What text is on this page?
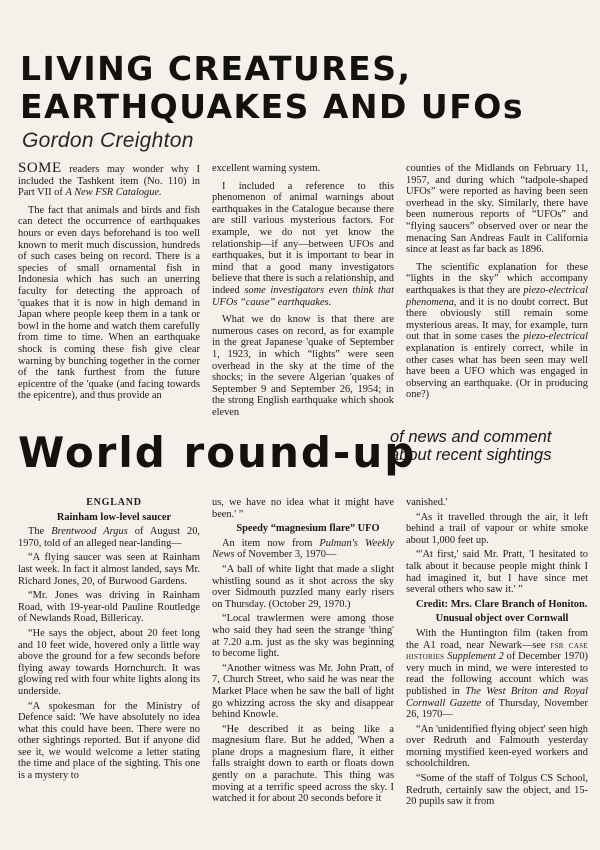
LIVING CREATURES,
EARTHQUAKES AND UFOs

Gordon Creighton

SOME readers may wonder why I included the Tashkent item (No. 110) in Part VII of A New FSR Catalogue.

The fact that animals and birds and fish can detect the occurrence of earthquakes hours or even days beforehand is too well known to merit much discussion, hundreds of such cases being on record. There is a species of small ornamental fish in Indonesia which has such an unerring faculty for detecting the approach of 'quakes that it is now in high demand in Japan where people keep them in a tank or bowl in the home and watch them carefully from time to time. When an earthquake shock is coming these fish give clear warning by bunching together in the corner of the tank furthest from the future epicentre of the 'quake (and facing towards the epicentre), and thus provide an

excellent warning system.

I included a reference to this phenomenon of animal warnings about earthquakes in the Catalogue because there are still various mysterious factors. For example, we do not yet know the relationship—if any—between UFOs and earthquakes, but it is important to bear in mind that a good many investigators believe that there is such a relationship, and indeed some investigators even think that UFOs “cause” earthquakes.

What we do know is that there are numerous cases on record, as for example in the great Japanese 'quake of September 1, 1923, in which “lights” were seen overhead in the sky at the time of the shocks; in the severe Algerian 'quakes of September 9 and September 26, 1954; in the strong English earthquake which shook eleven

counties of the Midlands on February 11, 1957, and during which “tadpole-shaped UFOs” were reported as having been seen overhead in the sky. Similarly, there have been numerous reports of “UFOs” and “flying saucers” observed over or near the menacing San Andreas Fault in California since at least as far back as 1896.

The scientific explanation for these “lights in the sky” which accompany earthquakes is that they are piezo-electrical phenomena, and it is no doubt correct. But there obviously still remain some mysterious areas. It may, for example, turn out that in some cases the piezo-electrical explanation is entirely correct, while in other cases what has been seen may well have been a UFO which was engaged in observing an earthquake. (Or in producing one?)

World round-up

of news and comment
about recent sightings

ENGLAND

Rainham low-level saucer

The Brentwood Argus of August 20, 1970, told of an alleged near-landing—

“A flying saucer was seen at Rainham last week. In fact it almost landed, says Mr. Richard Jones, 20, of Burwood Gardens.

“Mr. Jones was driving in Rainham Road, with 19-year-old Pauline Routledge of Newlands Road, Billericay.

“He says the object, about 20 feet long and 10 feet wide, hovered only a little way above the ground for a few seconds before flying away towards Hornchurch. It was glowing red with four white lights along its underside.

“A spokesman for the Ministry of Defence said: 'We have absolutely no idea what this could have been. There were no other sightings reported. But if anyone did see it, we would welcome a letter stating the time and place of the sighting. This one is a mystery to

us, we have no idea what it might have been.' ”

Speedy “magnesium flare” UFO

An item now from Pulman's Weekly News of November 3, 1970—

“A ball of white light that made a slight whistling sound as it shot across the sky over Sidmouth puzzled many early risers on Thursday. (October 29, 1970.)

“Local trawlermen were among those who said they had seen the strange 'thing' at 7.20 a.m. just as the sky was beginning to become light.

“Another witness was Mr. John Pratt, of 7, Church Street, who said he was near the Market Place when he saw the ball of light go whizzing across the sky and disappear behind Knowle.

“He described it as being like a magnesium flare. But he added, 'When a plane drops a magnesium flare, it either falls straight down to earth or floats down gently on a parachute. This thing was moving at a terrific speed across the sky. I watched it for about 20 seconds before it

vanished.'

“As it travelled through the air, it left behind a trail of vapour or white smoke about 1,000 feet up.

“'At first,' said Mr. Pratt, 'I hesitated to talk about it because people might think I had imagined it, but I have since met several others who saw it.' ”

Credit: Mrs. Clare Branch of Honiton.

Unusual object over Cornwall

With the Huntington film (taken from the A1 road, near Newark—see fsr case histories Supplement 2 of December 1970) very much in mind, we were interested to read the following account which was published in The West Briton and Royal Cornwall Gazette of Thursday, November 26, 1970—

“An 'unidentified flying object' seen high over Redruth and Falmouth yesterday morning mystified keen-eyed workers and schoolchildren.

“Some of the staff of Tolgus CS School, Redruth, certainly saw the object, and 15-20 pupils saw it from
